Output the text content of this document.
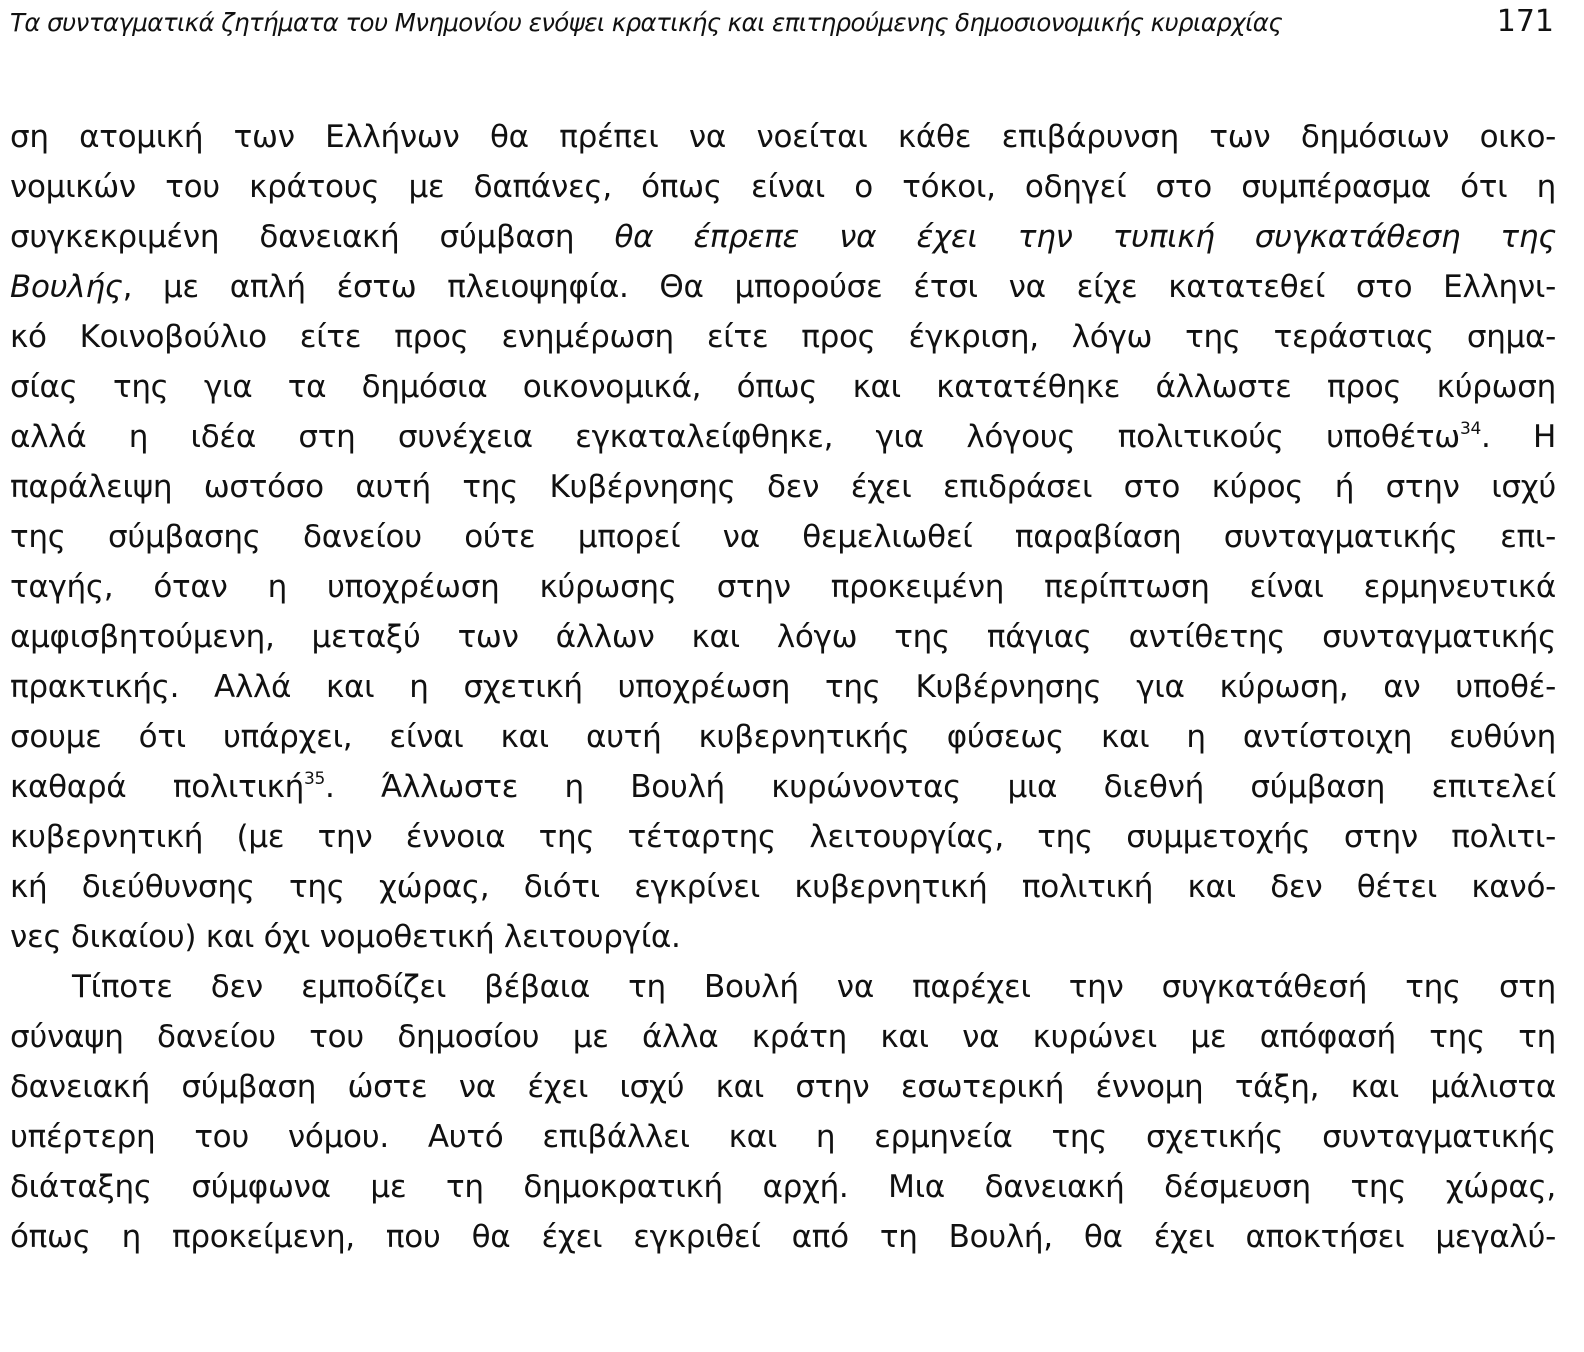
Τα συνταγματικά ζητήματα του Μνημονίου ενόψει κρατικής και επιτηρούμενης δημοσιονομικής κυριαρχίας	171
ση ατομική των Ελλήνων θα πρέπει να νοείται κάθε επιβάρυνση των δημόσιων οικο-
νομικών του κράτους με δαπάνες, όπως είναι ο τόκοι, οδηγεί στο συμπέρασμα ότι η
συγκεκριμένη δανειακή σύμβαση θα έπρεπε να έχει την τυπική συγκατάθεση της
Βουλής, με απλή έστω πλειοψηφία. Θα μπορούσε έτσι να είχε κατατεθεί στο Ελληνι-
κό Κοινοβούλιο είτε προς ενημέρωση είτε προς έγκριση, λόγω της τεράστιας σημα-
σίας της για τα δημόσια οικονομικά, όπως και κατατέθηκε άλλωστε προς κύρωση
αλλά η ιδέα στη συνέχεια εγκαταλείφθηκε, για λόγους πολιτικούς υποθέτω$^{34}$. Η
παράλειψη ωστόσο αυτή της Κυβέρνησης δεν έχει επιδράσει στο κύρος ή στην ισχύ
της σύμβασης δανείου ούτε μπορεί να θεμελιωθεί παραβίαση συνταγματικής επι-
ταγής, όταν η υποχρέωση κύρωσης στην προκειμένη περίπτωση είναι ερμηνευτικά
αμφισβητούμενη, μεταξύ των άλλων και λόγω της πάγιας αντίθετης συνταγματικής
πρακτικής. Αλλά και η σχετική υποχρέωση της Κυβέρνησης για κύρωση, αν υποθέ-
σουμε ότι υπάρχει, είναι και αυτή κυβερνητικής φύσεως και η αντίστοιχη ευθύνη
καθαρά πολιτική$^{35}$. Άλλωστε η Βουλή κυρώνοντας μια διεθνή σύμβαση επιτελεί
κυβερνητική (με την έννοια της τέταρτης λειτουργίας, της συμμετοχής στην πολιτι-
κή διεύθυνσης της χώρας, διότι εγκρίνει κυβερνητική πολιτική και δεν θέτει κανό-
νες δικαίου) και όχι νομοθετική λειτουργία.
Τίποτε δεν εμποδίζει βέβαια τη Βουλή να παρέχει την συγκατάθεσή της στη
σύναψη δανείου του δημοσίου με άλλα κράτη και να κυρώνει με απόφασή της τη
δανειακή σύμβαση ώστε να έχει ισχύ και στην εσωτερική έννομη τάξη, και μάλιστα
υπέρτερη του νόμου. Αυτό επιβάλλει και η ερμηνεία της σχετικής συνταγματικής
διάταξης σύμφωνα με τη δημοκρατική αρχή. Μια δανειακή δέσμευση της χώρας,
όπως η προκείμενη, που θα έχει εγκριθεί από τη Βουλή, θα έχει αποκτήσει μεγαλύ-
